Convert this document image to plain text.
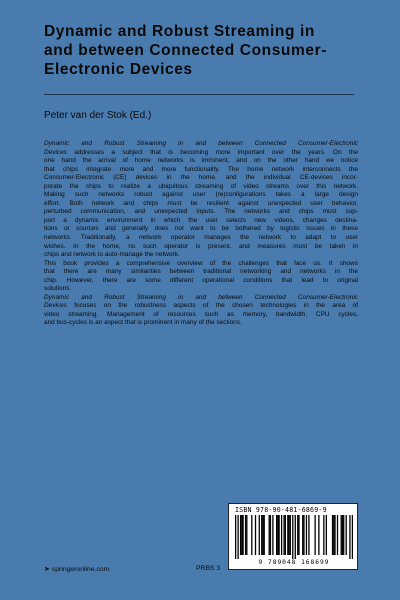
Dynamic and Robust Streaming in
and between Connected Consumer-
Electronic Devices
Peter van der Stok (Ed.)
Dynamic and Robust Streaming in and between Connected Consumer-Electronic
Devices addresses a subject that is becoming more important over the years. On the
one hand the arrival of home networks is imminent, and on the other hand we notice
that chips integrate more and more functionality. The home network interconnects the
Consumer-Electronic (CE) devices in the home, and the individual CE-devices incor-
porate the chips to realize a ubiquitous streaming of video streams over this network.
Making such networks robust against user (re)configurations takes a large design
effort. Both network and chips must be resilient against unexpected user behavior,
perturbed communication, and unexpected inputs. The networks and chips must sup-
port a dynamic environment in which the user selects new videos, changes destina-
tions or sources and generally does not want to be bothered by logistic issues in these
networks. Traditionally, a network operator manages the network to adapt to user
wishes. In the home, no such operator is present, and measures must be taken in
chips and network to auto-manage the network.
This book provides a comprehensive overview of the challenges that face us. It shows
that there are many similarities between traditional networking and networks in the
chip. However, there are some different operational conditions that lead to original
solutions.
Dynamic and Robust Streaming in and between Connected Consumer-Electronic
Devices focuses on the robustness aspects of the chosen technologies in the area of
video streaming. Management of resources such as memory, bandwidth, CPU cycles,
and bus-cycles is an aspect that is prominent in many of the sections.
ISBN 978-90-481-6869-9
9 789048 168699
➤ springeronline.com	PRBS 3
